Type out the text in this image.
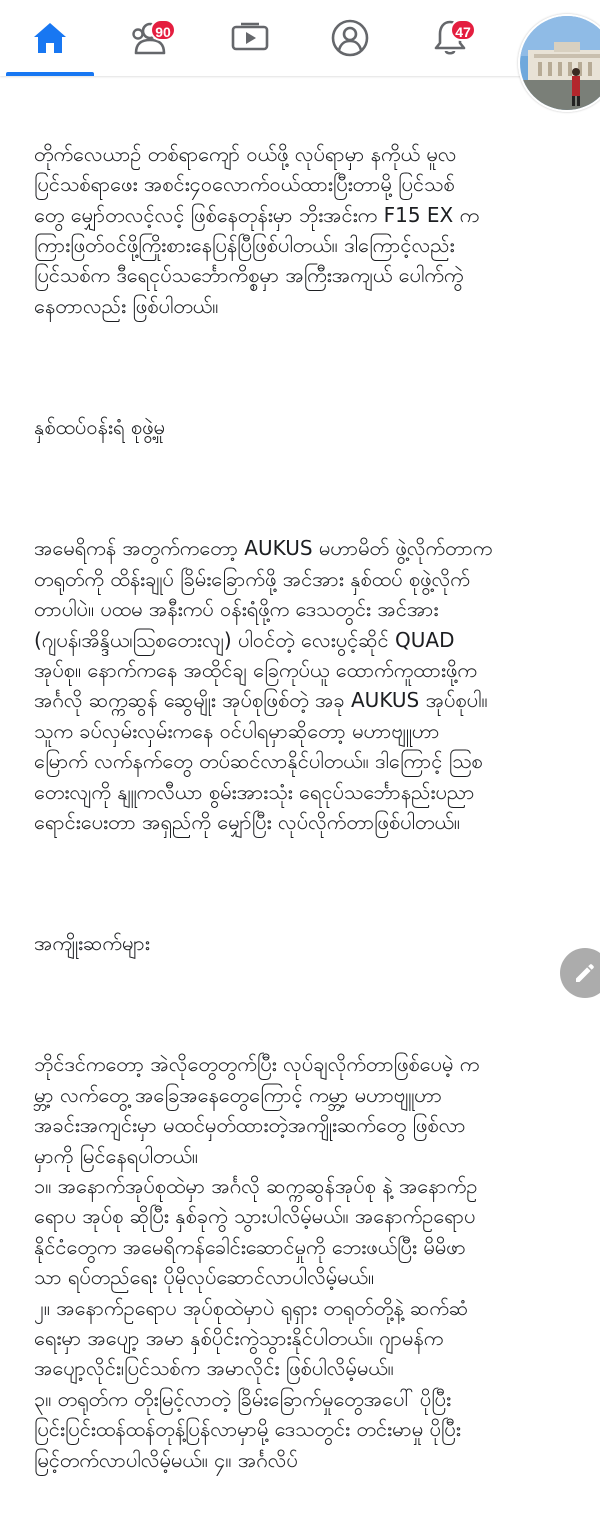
90	47

တိုက်လေယာဥ် တစ်ရာကျော် ဝယ်ဖို့ လုပ်ရာမှာ နကိုယ် မူလ
ပြင်သစ်ရာဖေး အစင်း၄၀လောက်ဝယ်ထားပြီးတာမို့ ပြင်သစ်
တွေ မျှော်တလင့်လင့် ဖြစ်နေတုန်းမှာ ဘိုးအင်းက F15 EX က
ကြားဖြတ်ဝင်ဖို့ကြိုးစားနေပြန်ပြီဖြစ်ပါတယ်။ ဒါကြောင့်လည်း
ပြင်သစ်က ဒီရေငုပ်သင်္ဘောကိစ္စမှာ အကြီးအကျယ် ပေါက်ကွဲ
နေတာလည်း ဖြစ်ပါတယ်။

နှစ်ထပ်ဝန်းရံ စုဖွဲ့မှု

အမေရိကန် အတွက်ကတော့ AUKUS မဟာမိတ် ဖွဲ့လိုက်တာက
တရုတ်ကို ထိန်းချုပ် ခြိမ်းခြောက်ဖို့ အင်အား နှစ်ထပ် စုဖွဲ့လိုက်
တာပါပဲ။ ပထမ အနီးကပ် ဝန်းရံဖို့က ဒေသတွင်း အင်အား
(ဂျပန်၊အိန္ဒိယ၊ဩစတေးလျ) ပါဝင်တဲ့ လေးပွင့်ဆိုင် QUAD
အုပ်စု။ နောက်ကနေ အထိုင်ချ ခြေကုပ်ယူ ထောက်ကူထားဖို့က
အင်္ဂလို ဆက္ကဆွန် ဆွေမျိုး အုပ်စုဖြစ်တဲ့ အခု AUKUS အုပ်စုပါ။
သူက ခပ်လှမ်းလှမ်းကနေ ဝင်ပါရမှာဆိုတော့ မဟာဗျူဟာ
မြောက် လက်နက်တွေ တပ်ဆင်လာနိုင်ပါတယ်။ ဒါကြောင့် ဩစ
တေးလျကို နျူကလီယာ စွမ်းအားသုံး ရေငုပ်သင်္ဘောနည်းပညာ
ရောင်းပေးတာ အရှည်ကို မျှော်ပြီး လုပ်လိုက်တာဖြစ်ပါတယ်။

အကျိုးဆက်များ

ဘိုင်ဒင်ကတော့ အဲလိုတွေတွက်ပြီး လုပ်ချလိုက်တာဖြစ်ပေမဲ့ က
မ္ဘာ့ လက်တွေ့ အခြေအနေတွေကြောင့် ကမ္ဘာ့ မဟာဗျူဟာ
အခင်းအကျင်းမှာ မထင်မှတ်ထားတဲ့အကျိုးဆက်တွေ ဖြစ်လာ
မှာကို မြင်နေရပါတယ်။
၁။ အနောက်အုပ်စုထဲမှာ အင်္ဂလို ဆက္ကဆွန်အုပ်စု နဲ့ အနောက်ဥ
ရောပ အုပ်စု ဆိုပြီး နှစ်ခုကွဲ သွားပါလိမ့်မယ်။ အနောက်ဥရောပ
နိုင်ငံတွေက အမေရိကန်ခေါင်းဆောင်မှုကို ဘေးဖယ်ပြီး မိမိဖာ
သာ ရပ်တည်ရေး ပိုမိုလုပ်ဆောင်လာပါလိမ့်မယ်။
၂။ အနောက်ဥရောပ အုပ်စုထဲမှာပဲ ရုရှား တရုတ်တို့နဲ့ ဆက်ဆံ
ရေးမှာ အပျော့ အမာ နှစ်ပိုင်းကွဲသွားနိုင်ပါတယ်။ ဂျာမန်က
အပျော့လိုင်း၊ပြင်သစ်က အမာလိုင်း ဖြစ်ပါလိမ့်မယ်။
၃။ တရုတ်က တိုးမြင့်လာတဲ့ ခြိမ်းခြောက်မှုတွေအပေါ် ပိုပြီး
ပြင်းပြင်းထန်ထန်တုန့်ပြန်လာမှာမို့ ဒေသတွင်း တင်းမာမှု ပိုပြီး
မြင့်တက်လာပါလိမ့်မယ်။ ၄။ အင်္ဂလိပ်
